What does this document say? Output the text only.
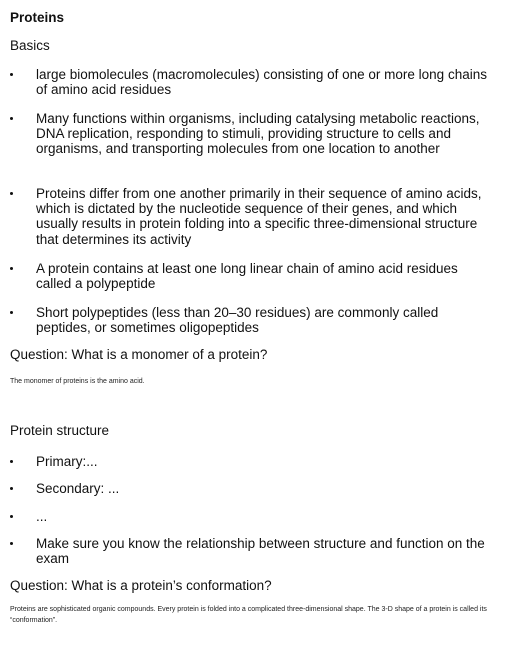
Proteins
Basics
large biomolecules (macromolecules) consisting of one or more long chains of amino acid residues
Many functions within organisms, including catalysing metabolic reactions, DNA replication, responding to stimuli, providing structure to cells and organisms, and transporting molecules from one location to another
Proteins differ from one another primarily in their sequence of amino acids, which is dictated by the nucleotide sequence of their genes, and which usually results in protein folding into a specific three-dimensional structure that determines its activity
A protein contains at least one long linear chain of amino acid residues called a polypeptide
Short polypeptides (less than 20–30 residues) are commonly called peptides, or sometimes oligopeptides
Question: What is a monomer of a protein?
The monomer of proteins is the amino acid.
Protein structure
Primary:...
Secondary: ...
...
Make sure you know the relationship between structure and function on the exam
Question: What is a protein’s conformation?
Proteins are sophisticated organic compounds. Every protein is folded into a complicated three-dimensional shape. The 3-D shape of a protein is called its “conformation”.
